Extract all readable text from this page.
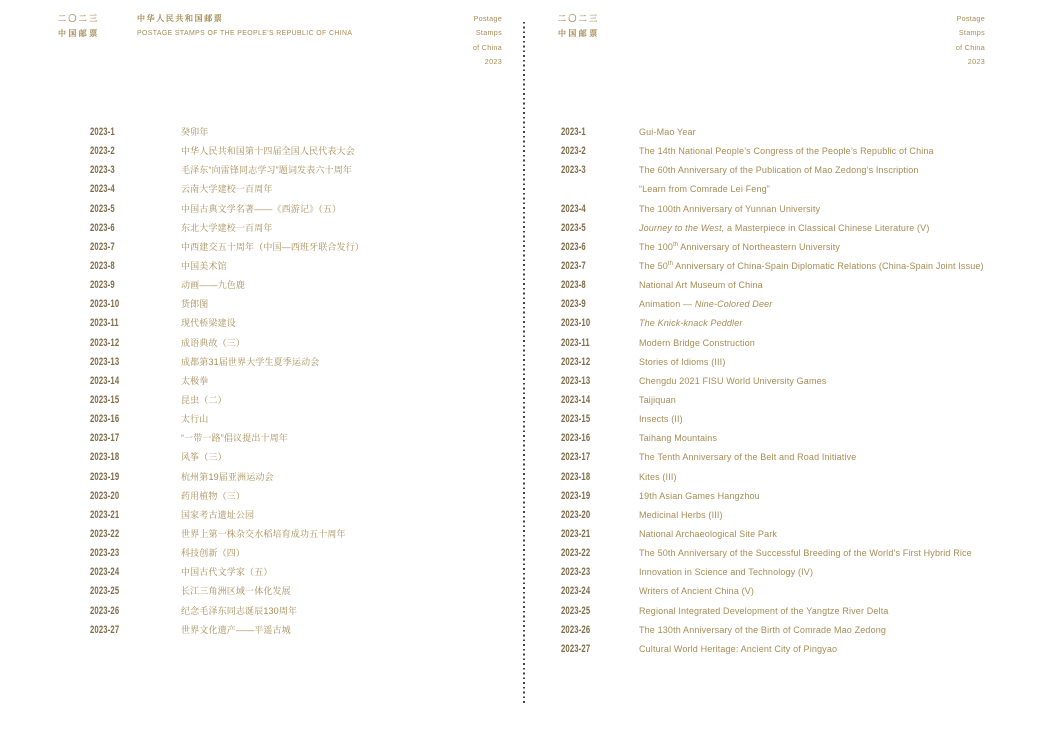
二〇二三
中国邮票
中华人民共和国邮票
POSTAGE STAMPS OF THE PEOPLE'S REPUBLIC OF CHINA
Postage
Stamps
of China
2023
2023-1	癸卯年
2023-2	中华人民共和国第十四届全国人民代表大会
2023-3	毛泽东“向雷锋同志学习”题词发表六十周年
2023-4	云南大学建校一百周年
2023-5	中国古典文学名著——《西游记》（五）
2023-6	东北大学建校一百周年
2023-7	中西建交五十周年（中国—西班牙联合发行）
2023-8	中国美术馆
2023-9	动画——九色鹿
2023-10	货郎图
2023-11	现代桥梁建设
2023-12	成语典故（三）
2023-13	成都第31届世界大学生夏季运动会
2023-14	太极拳
2023-15	昆虫（二）
2023-16	太行山
2023-17	“一带一路”倡议提出十周年
2023-18	风筝（三）
2023-19	杭州第19届亚洲运动会
2023-20	药用植物（三）
2023-21	国家考古遗址公园
2023-22	世界上第一株杂交水稻培育成功五十周年
2023-23	科技创新（四）
2023-24	中国古代文学家（五）
2023-25	长江三角洲区域一体化发展
2023-26	纪念毛泽东同志诞辰130周年
2023-27	世界文化遗产——平遥古城
二〇二三
中国邮票
Postage
Stamps
of China
2023
2023-1	Gui-Mao Year
2023-2	The 14th National People’s Congress of the People’s Republic of China
2023-3	The 60th Anniversary of the Publication of Mao Zedong’s Inscription
“Learn from Comrade Lei Feng”
2023-4	The 100th Anniversary of Yunnan University
2023-5	Journey to the West, a Masterpiece in Classical Chinese Literature (V)
2023-6	The 100th Anniversary of Northeastern University
2023-7	The 50th Anniversary of China-Spain Diplomatic Relations (China-Spain Joint Issue)
2023-8	National Art Museum of China
2023-9	Animation — Nine-Colored Deer
2023-10	The Knick-knack Peddler
2023-11	Modern Bridge Construction
2023-12	Stories of Idioms (III)
2023-13	Chengdu 2021 FISU World University Games
2023-14	Taijiquan
2023-15	Insects (II)
2023-16	Taihang Mountains
2023-17	The Tenth Anniversary of the Belt and Road Initiative
2023-18	Kites (III)
2023-19	19th Asian Games Hangzhou
2023-20	Medicinal Herbs (III)
2023-21	National Archaeological Site Park
2023-22	The 50th Anniversary of the Successful Breeding of the World’s First Hybrid Rice
2023-23	Innovation in Science and Technology (IV)
2023-24	Writers of Ancient China (V)
2023-25	Regional Integrated Development of the Yangtze River Delta
2023-26	The 130th Anniversary of the Birth of Comrade Mao Zedong
2023-27	Cultural World Heritage: Ancient City of Pingyao
